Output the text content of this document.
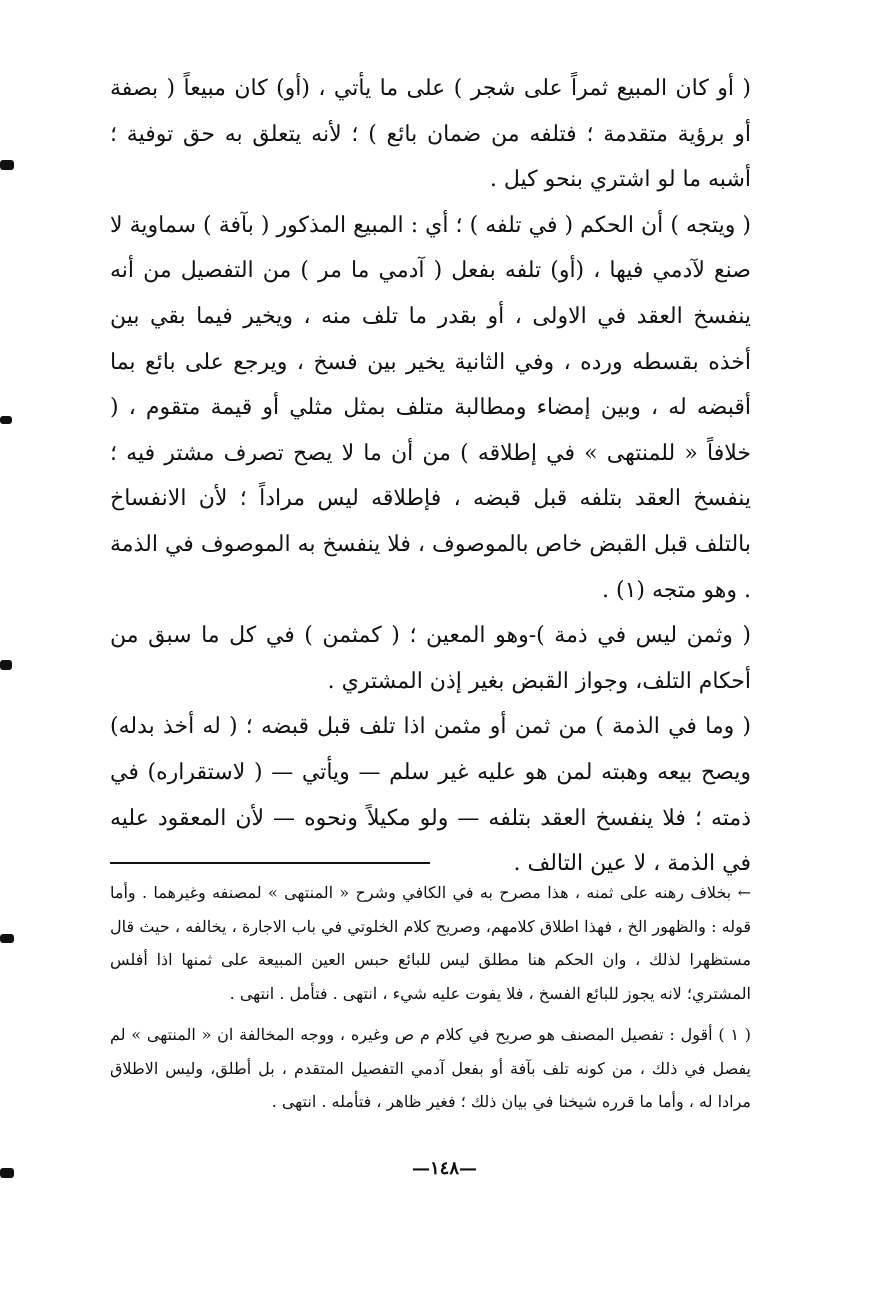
( أو كان المبيع ثمراً على شجر ) على ما يأتي ، (أو) كان مبيعاً ( بصفة أو برؤية متقدمة ؛ فتلفه من ضمان بائع ) ؛ لأنه يتعلق به حق توفية ؛ أشبه ما لو اشتري بنحو كيل .

( ويتجه ) أن الحكم ( في تلفه ) ؛ أي : المبيع المذكور ( بآفة ) سماوية لا صنع لآدمي فيها ، (أو) تلفه بفعل ( آدمي ما مر ) من التفصيل من أنه ينفسخ العقد في الاولى ، أو بقدر ما تلف منه ، ويخير فيما بقي بين أخذه بقسطه ورده ، وفي الثانية يخير بين فسخ ، ويرجع على بائع بما أقبضه له ، وبين إمضاء ومطالبة متلف بمثل مثلي أو قيمة متقوم ، ( خلافاً « للمنتهى » في إطلاقه ) من أن ما لا يصح تصرف مشتر فيه ؛ ينفسخ العقد بتلفه قبل قبضه ، فإطلاقه ليس مراداً ؛ لأن الانفساخ بالتلف قبل القبض خاص بالموصوف ، فلا ينفسخ به الموصوف في الذمة . وهو متجه (١) .

( وثمن ليس في ذمة )-وهو المعين ؛ ( كمثمن ) في كل ما سبق من أحكام التلف، وجواز القبض بغير إذن المشتري .

( وما في الذمة ) من ثمن أو مثمن اذا تلف قبل قبضه ؛ ( له أخذ بدله) ويصح بيعه وهبته لمن هو عليه غير سلم — ويأتي — ( لاستقراره) في ذمته ؛ فلا ينفسخ العقد بتلفه — ولو مكيلاً ونحوه — لأن المعقود عليه في الذمة ، لا عين التالف .

← بخلاف رهنه على ثمنه ، هذا مصرح به في الكافي وشرح « المنتهى » لمصنفه وغيرهما . وأما قوله : والظهور الخ ، فهذا اطلاق كلامهم، وصريح كلام الخلوتي في باب الاجارة ، يخالفه ، حيث قال مستظهرا لذلك ، وان الحكم هنا مطلق ليس للبائع حبس العين المبيعة على ثمنها اذا أفلس المشتري؛ لانه يجوز للبائع الفسخ ، فلا يفوت عليه شيء ، انتهى . فتأمل . انتهى .

( ١ ) أقول : تفصيل المصنف هو صريح في كلام م ص وغيره ، ووجه المخالفة ان « المنتهى » لم يفصل في ذلك ، من كونه تلف بآفة أو بفعل آدمي التفصيل المتقدم ، بل أطلق، وليس الاطلاق مرادا له ، وأما ما قرره شيخنا في بيان ذلك ؛ فغير ظاهر ، فتأمله . انتهى .

—١٤٨—
